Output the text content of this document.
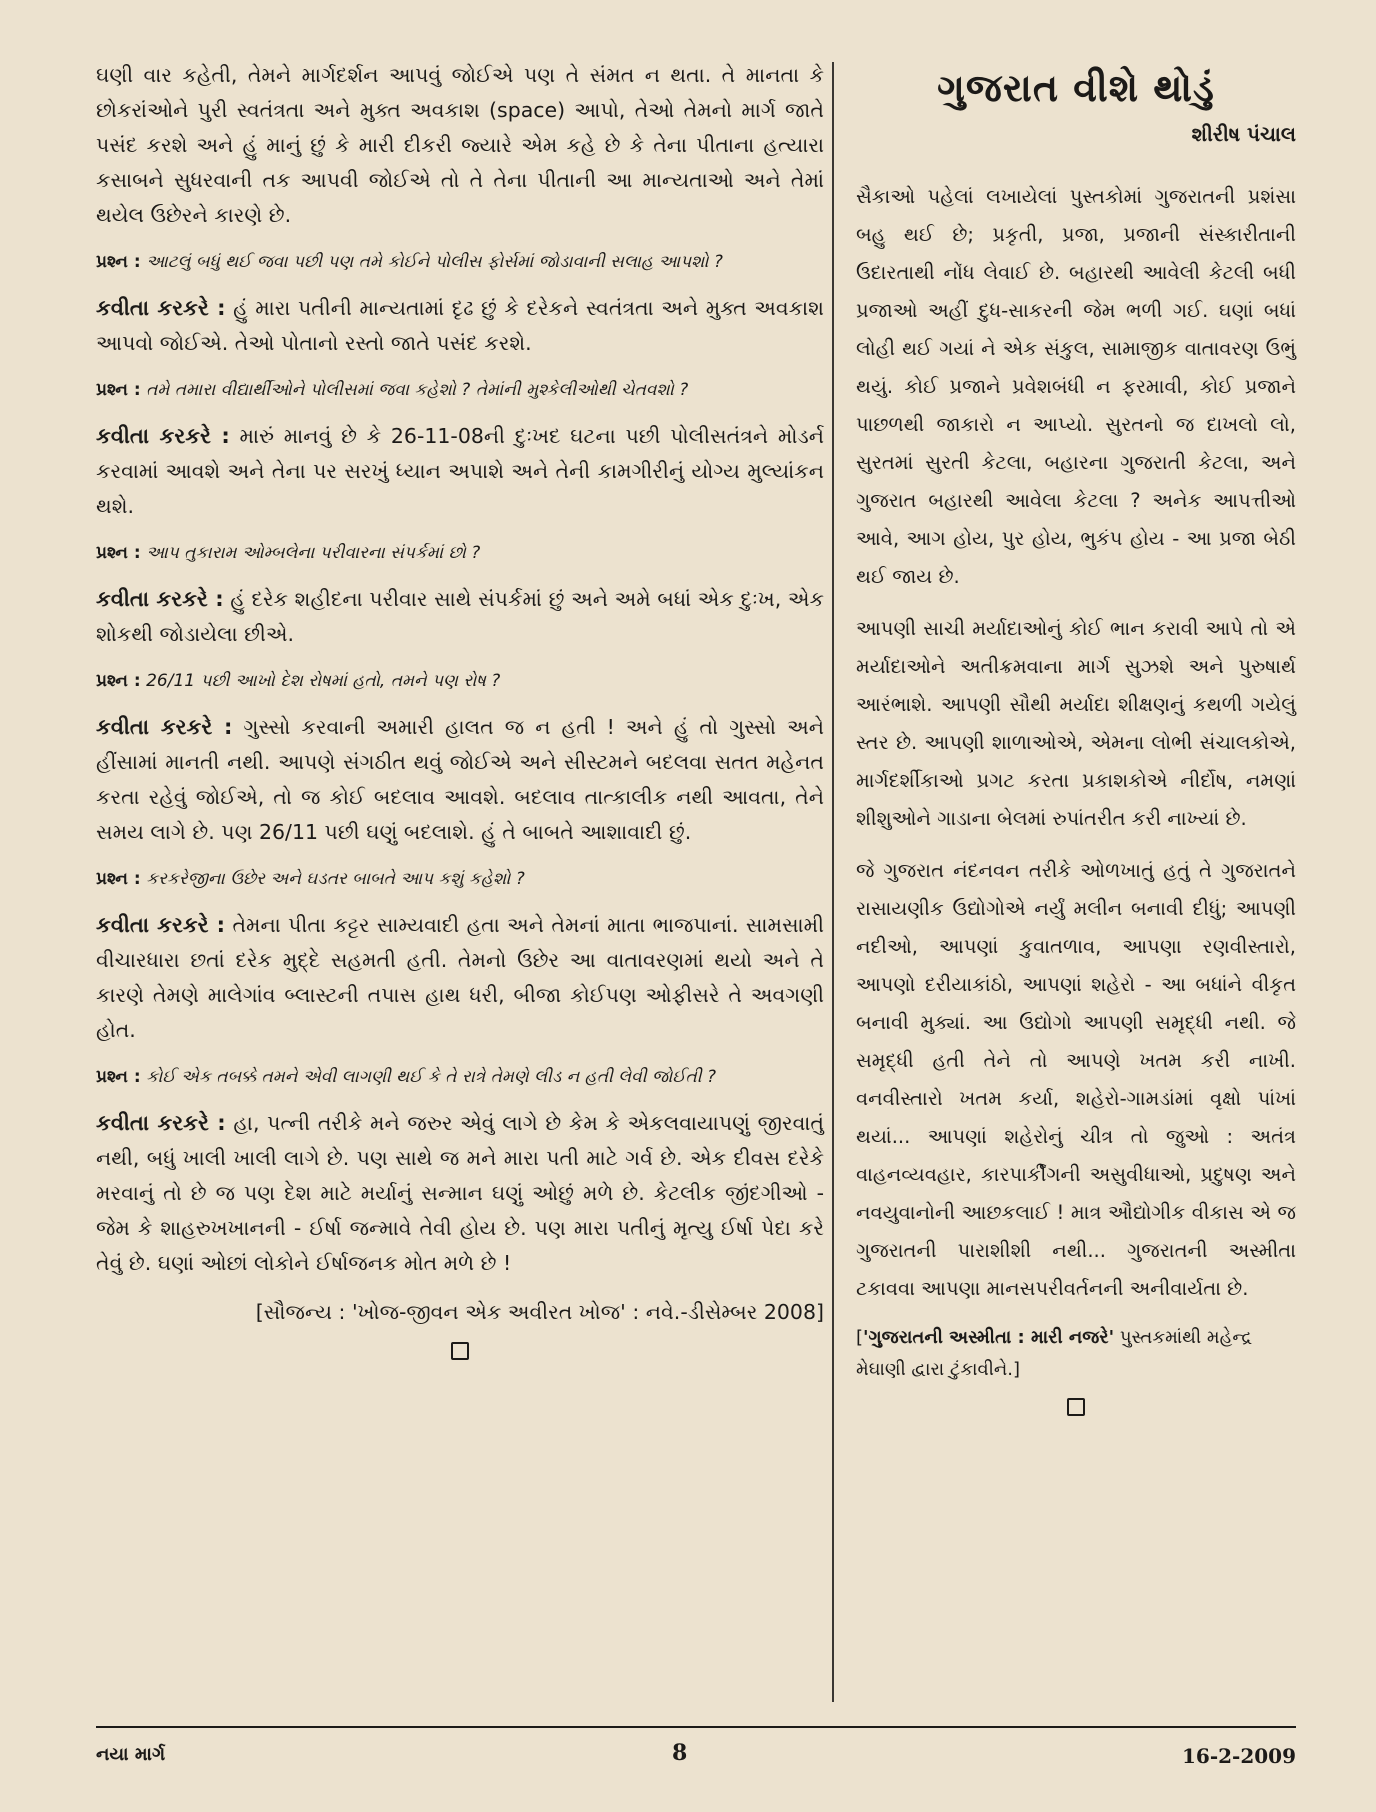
ઘણી વાર કહેતી, તેમને માર્ગદર્શન આપવું જોઈએ પણ તે સંમત ન થતા. તે માનતા કે છોકરાંઓને પુરી સ્વતંત્રતા અને મુક્ત અવકાશ (space) આપો, તેઓ તેમનો માર્ગ જાતે પસંદ કરશે અને હું માનું છું કે મારી દીકરી જ્યારે એમ કહે છે કે તેના પીતાના હત્યારા કસાબને સુધરવાની તક આપવી જોઈએ તો તે તેના પીતાની આ માન્યતાઓ અને તેમાં થયેલ ઉછેરને કારણે છે.

પ્રશ્ન : આટલું બધું થઈ જવા પછી પણ તમે કોઈને પોલીસ ફોર્સમાં જોડાવાની સલાહ આપશો ?

કવીતા કરકરે : હું મારા પતીની માન્યતામાં દૃઢ છું કે દરેકને સ્વતંત્રતા અને મુક્ત અવકાશ આપવો જોઈએ. તેઓ પોતાનો રસ્તો જાતે પસંદ કરશે.

પ્રશ્ન : તમે તમારા વીદ્યાર્થીઓને પોલીસમાં જવા કહેશો ? તેમાંની મુશ્કેલીઓથી ચેતવશો ?

કવીતા કરકરે : મારું માનવું છે કે 26-11-08ની દુઃખદ ઘટના પછી પોલીસતંત્રને મોડર્ન કરવામાં આવશે અને તેના પર સરખું ધ્યાન અપાશે અને તેની કામગીરીનું યોગ્ય મુલ્યાંકન થશે.

પ્રશ્ન : આપ તુકારામ ઓમ્બલેના પરીવારના સંપર્કમાં છો ?

કવીતા કરકરે : હું દરેક શહીદના પરીવાર સાથે સંપર્કમાં છું અને અમે બધાં એક દુઃખ, એક શોકથી જોડાયેલા છીએ.

પ્રશ્ન : 26/11 પછી આખો દેશ રોષમાં હતો, તમને પણ રોષ ?

કવીતા કરકરે : ગુસ્સો કરવાની અમારી હાલત જ ન હતી ! અને હું તો ગુસ્સો અને હીંસામાં માનતી નથી. આપણે સંગઠીત થવું જોઈએ અને સીસ્ટમને બદલવા સતત મહેનત કરતા રહેવું જોઈએ, તો જ કોઈ બદલાવ આવશે. બદલાવ તાત્કાલીક નથી આવતા, તેને સમય લાગે છે. પણ 26/11 પછી ઘણું બદલાશે. હું તે બાબતે આશાવાદી છું.

પ્રશ્ન : કરકરેજીના ઉછેર અને ઘડતર બાબતે આપ કશું કહેશો ?

કવીતા કરકરે : તેમના પીતા કટ્ટર સામ્યવાદી હતા અને તેમનાં માતા ભાજપાનાં. સામસામી વીચારધારા છતાં દરેક મુદ્દે સહમતી હતી. તેમનો ઉછેર આ વાતાવરણમાં થયો અને તે કારણે તેમણે માલેગાંવ બ્લાસ્ટની તપાસ હાથ ધરી, બીજા કોઈપણ ઓફીસરે તે અવગણી હોત.

પ્રશ્ન : કોઈ એક તબક્કે તમને એવી લાગણી થઈ કે તે રાત્રે તેમણે લીડ ન હતી લેવી જોઈતી ?

કવીતા કરકરે : હા, પત્ની તરીકે મને જરુર એવું લાગે છે કેમ કે એકલવાયાપણું જીરવાતું નથી, બધું ખાલી ખાલી લાગે છે. પણ સાથે જ મને મારા પતી માટે ગર્વ છે. એક દીવસ દરેકે મરવાનું તો છે જ પણ દેશ માટે મર્યાનું સન્માન ઘણું ઓછું મળે છે. કેટલીક જીંદગીઓ - જેમ કે શાહરુખખાનની - ઈર્ષા જન્માવે તેવી હોય છે. પણ મારા પતીનું મૃત્યુ ઈર્ષા પેદા કરે તેવું છે. ઘણાં ઓછાં લોકોને ઈર્ષાજનક મોત મળે છે !

[સૌજન્ય : 'ખોજ-જીવન એક અવીરત ખોજ' : નવે.-ડીસેમ્બર 2008]

ગુજરાત વીશે થોડું
શીરીષ પંચાલ

સૈકાઓ પહેલાં લખાયેલાં પુસ્તકોમાં ગુજરાતની પ્રશંસા બહુ થઈ છે; પ્રકૃતી, પ્રજા, પ્રજાની સંસ્કારીતાની ઉદારતાથી નોંધ લેવાઈ છે. બહારથી આવેલી કેટલી બધી પ્રજાઓ અહીં દુધ-સાકરની જેમ ભળી ગઈ. ઘણાં બધાં લોહી થઈ ગયાં ને એક સંકુલ, સામાજીક વાતાવરણ ઉભું થયું. કોઈ પ્રજાને પ્રવેશબંધી ન ફરમાવી, કોઈ પ્રજાને પાછળથી જાકારો ન આપ્યો. સુરતનો જ દાખલો લો, સુરતમાં સુરતી કેટલા, બહારના ગુજરાતી કેટલા, અને ગુજરાત બહારથી આવેલા કેટલા ? અનેક આપત્તીઓ આવે, આગ હોય, પુર હોય, ભુકંપ હોય - આ પ્રજા બેઠી થઈ જાય છે.

આપણી સાચી મર્યાદાઓનું કોઈ ભાન કરાવી આપે તો એ મર્યાદાઓને અતીક્રમવાના માર્ગ સુઝશે અને પુરુષાર્થ આરંભાશે. આપણી સૌથી મર્યાદા શીક્ષણનું કથળી ગયેલું સ્તર છે. આપણી શાળાઓએ, એમના લોભી સંચાલકોએ, માર્ગદર્શીકાઓ પ્રગટ કરતા પ્રકાશકોએ નીર્દોષ, નમણાં શીશુઓને ગાડાના બેલમાં રુપાંતરીત કરી નાખ્યાં છે.

જે ગુજરાત નંદનવન તરીકે ઓળખાતું હતું તે ગુજરાતને રાસાયણીક ઉદ્યોગોએ નર્યું મલીન બનાવી દીધું; આપણી નદીઓ, આપણાં કુવાતળાવ, આપણા રણવીસ્તારો, આપણો દરીયાકાંઠો, આપણાં શહેરો - આ બધાંને વીકૃત બનાવી મુક્યાં. આ ઉદ્યોગો આપણી સમૃદ્ધી નથી. જે સમૃદ્ધી હતી તેને તો આપણે ખતમ કરી નાખી. વનવીસ્તારો ખતમ કર્યા, શહેરો-ગામડાંમાં વૃક્ષો પાંખાં થયાં... આપણાં શહેરોનું ચીત્ર તો જુઓ : અતંત્ર વાહનવ્યવહાર, કારપાર્કીંગની અસુવીધાઓ, પ્રદુષણ અને નવયુવાનોની આછકલાઈ ! માત્ર ઔદ્યોગીક વીકાસ એ જ ગુજરાતની પારાશીશી નથી... ગુજરાતની અસ્મીતા ટકાવવા આપણા માનસપરીવર્તનની અનીવાર્યતા છે.

['ગુજરાતની અસ્મીતા : મારી નજરે' પુસ્તકમાંથી મહેન્દ્ર મેઘાણી દ્વારા ટુંકાવીને.]
નયા માર્ગ	8	16-2-2009
